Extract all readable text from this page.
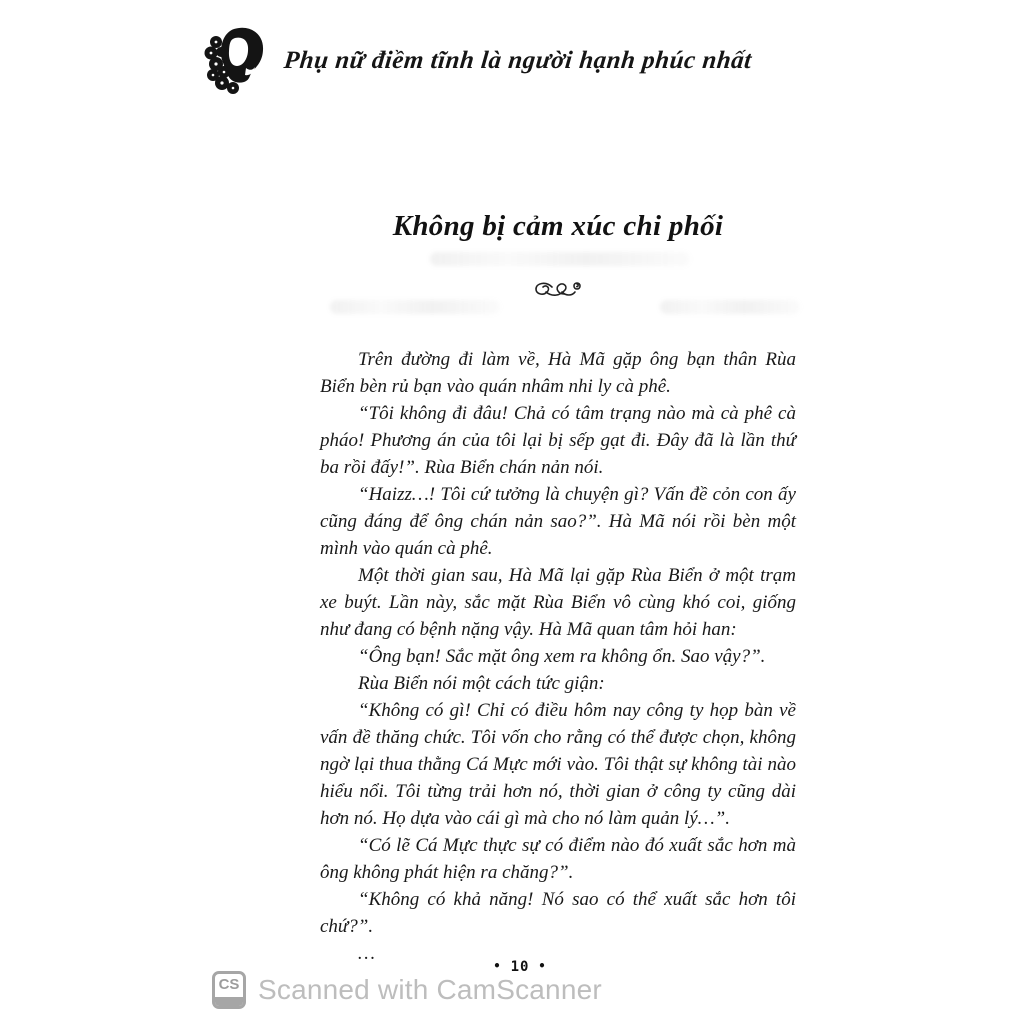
Phụ nữ điềm tĩnh là người hạnh phúc nhất
Không bị cảm xúc chi phối

Trên đường đi làm về, Hà Mã gặp ông bạn thân Rùa Biển bèn rủ bạn vào quán nhâm nhi ly cà phê.

“Tôi không đi đâu! Chả có tâm trạng nào mà cà phê cà pháo! Phương án của tôi lại bị sếp gạt đi. Đây đã là lần thứ ba rồi đấy!”. Rùa Biển chán nản nói.

“Haizz…! Tôi cứ tưởng là chuyện gì? Vấn đề cỏn con ấy cũng đáng để ông chán nản sao?”. Hà Mã nói rồi bèn một mình vào quán cà phê.

Một thời gian sau, Hà Mã lại gặp Rùa Biển ở một trạm xe buýt. Lần này, sắc mặt Rùa Biển vô cùng khó coi, giống như đang có bệnh nặng vậy. Hà Mã quan tâm hỏi han:

“Ông bạn! Sắc mặt ông xem ra không ổn. Sao vậy?”.

Rùa Biển nói một cách tức giận:

“Không có gì! Chỉ có điều hôm nay công ty họp bàn về vấn đề thăng chức. Tôi vốn cho rằng có thể được chọn, không ngờ lại thua thằng Cá Mực mới vào. Tôi thật sự không tài nào hiểu nổi. Tôi từng trải hơn nó, thời gian ở công ty cũng dài hơn nó. Họ dựa vào cái gì mà cho nó làm quản lý…”.

“Có lẽ Cá Mực thực sự có điểm nào đó xuất sắc hơn mà ông không phát hiện ra chăng?”.

“Không có khả năng! Nó sao có thể xuất sắc hơn tôi chứ?”.

…

• 10 •
CS Scanned with CamScanner
